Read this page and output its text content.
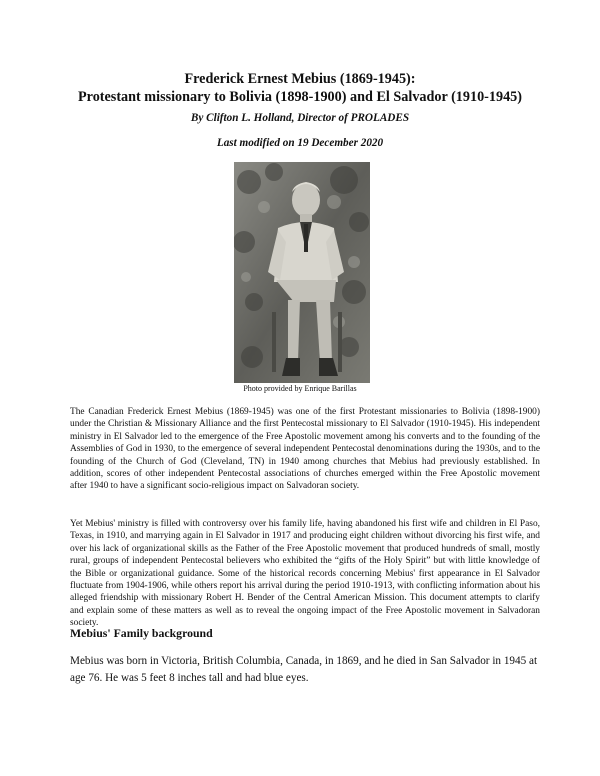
Frederick Ernest Mebius (1869-1945):
Protestant missionary to Bolivia (1898-1900) and El Salvador (1910-1945)
By Clifton L. Holland, Director of PROLADES
Last modified on 19 December 2020
Photo provided by Enrique Barillas

The Canadian Frederick Ernest Mebius (1869-1945) was one of the first Protestant missionaries to Bolivia (1898-1900) under the Christian & Missionary Alliance and the first Pentecostal missionary to El Salvador (1910-1945). His independent ministry in El Salvador led to the emergence of the Free Apostolic movement among his converts and to the founding of the Assemblies of God in 1930, to the emergence of several independent Pentecostal denominations during the 1930s, and to the founding of the Church of God (Cleveland, TN) in 1940 among churches that Mebius had previously established. In addition, scores of other independent Pentecostal associations of churches emerged within the Free Apostolic movement after 1940 to have a significant socio-religious impact on Salvadoran society.

Yet Mebius' ministry is filled with controversy over his family life, having abandoned his first wife and children in El Paso, Texas, in 1910, and marrying again in El Salvador in 1917 and producing eight children without divorcing his first wife, and over his lack of organizational skills as the Father of the Free Apostolic movement that produced hundreds of small, mostly rural, groups of independent Pentecostal believers who exhibited the “gifts of the Holy Spirit” but with little knowledge of the Bible or organizational guidance. Some of the historical records concerning Mebius' first appearance in El Salvador fluctuate from 1904-1906, while others report his arrival during the period 1910-1913, with conflicting information about his alleged friendship with missionary Robert H. Bender of the Central American Mission. This document attempts to clarify and explain some of these matters as well as to reveal the ongoing impact of the Free Apostolic movement in Salvadoran society.

Mebius' Family background

Mebius was born in Victoria, British Columbia, Canada, in 1869, and he died in San Salvador in 1945 at age 76. He was 5 feet 8 inches tall and had blue eyes.
